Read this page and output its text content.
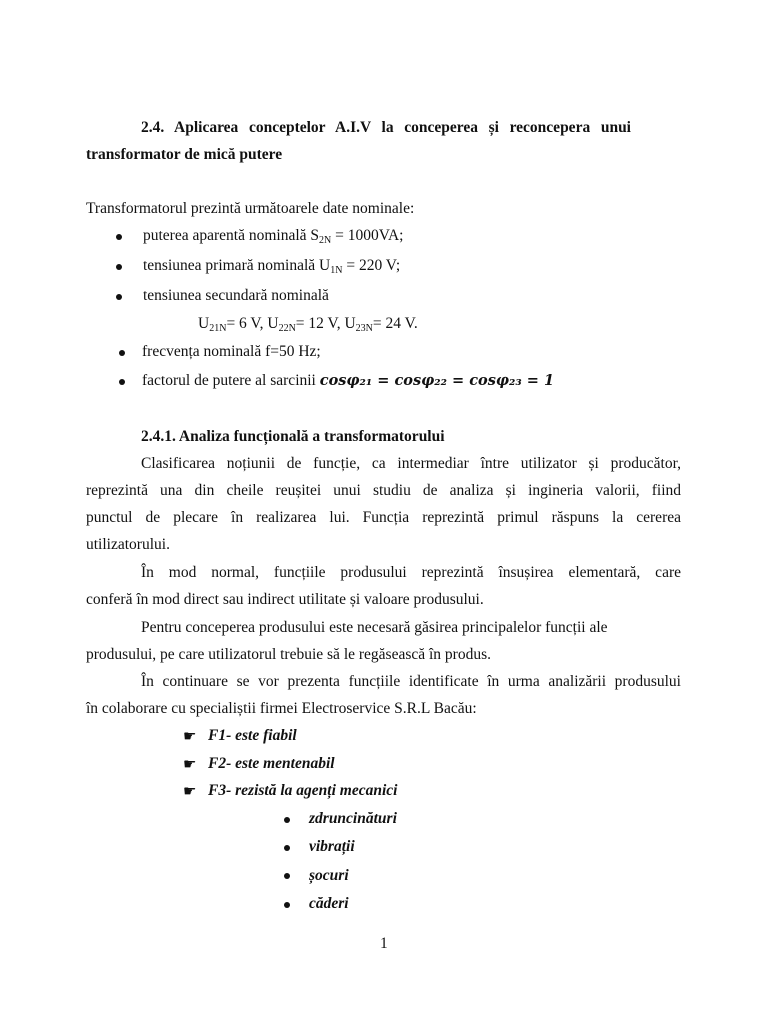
2.4. Aplicarea conceptelor A.I.V la conceperea și reconcepera unui
transformator de mică putere
Transformatorul prezintă următoarele date nominale:
puterea aparentă nominală $S_{2N} = 1000VA$;
tensiunea primară nominală $U_{1N} = 220$ V;
tensiunea secundară nominală
$U_{21N}= 6$ V, $U_{22N}= 12$ V, $U_{23N}= 24$ V.
frecvența nominală f=50 Hz;
factorul de putere al sarcinii cosφ₂₁ = cosφ₂₂ = cosφ₂₃ = 1
2.4.1. Analiza funcțională a transformatorului
Clasificarea noțiunii de funcție, ca intermediar între utilizator și producător,
reprezintă una din cheile reușitei unui studiu de analiza și ingineria valorii, fiind
punctul de plecare în realizarea lui. Funcția reprezintă primul răspuns la cererea
utilizatorului.
În mod normal, funcțiile produsului reprezintă însușirea elementară, care
conferă în mod direct sau indirect utilitate și valoare produsului.
Pentru conceperea produsului este necesară găsirea principalelor funcții ale
produsului, pe care utilizatorul trebuie să le regăsească în produs.
În continuare se vor prezenta funcțiile identificate în urma analizării produsului
în colaborare cu specialiștii firmei Electroservice S.R.L Bacău:
☛ F1- este fiabil
☛ F2- este mentenabil
☛ F3- rezistă la agenți mecanici
zdruncinături
vibrații
șocuri
căderi
1
